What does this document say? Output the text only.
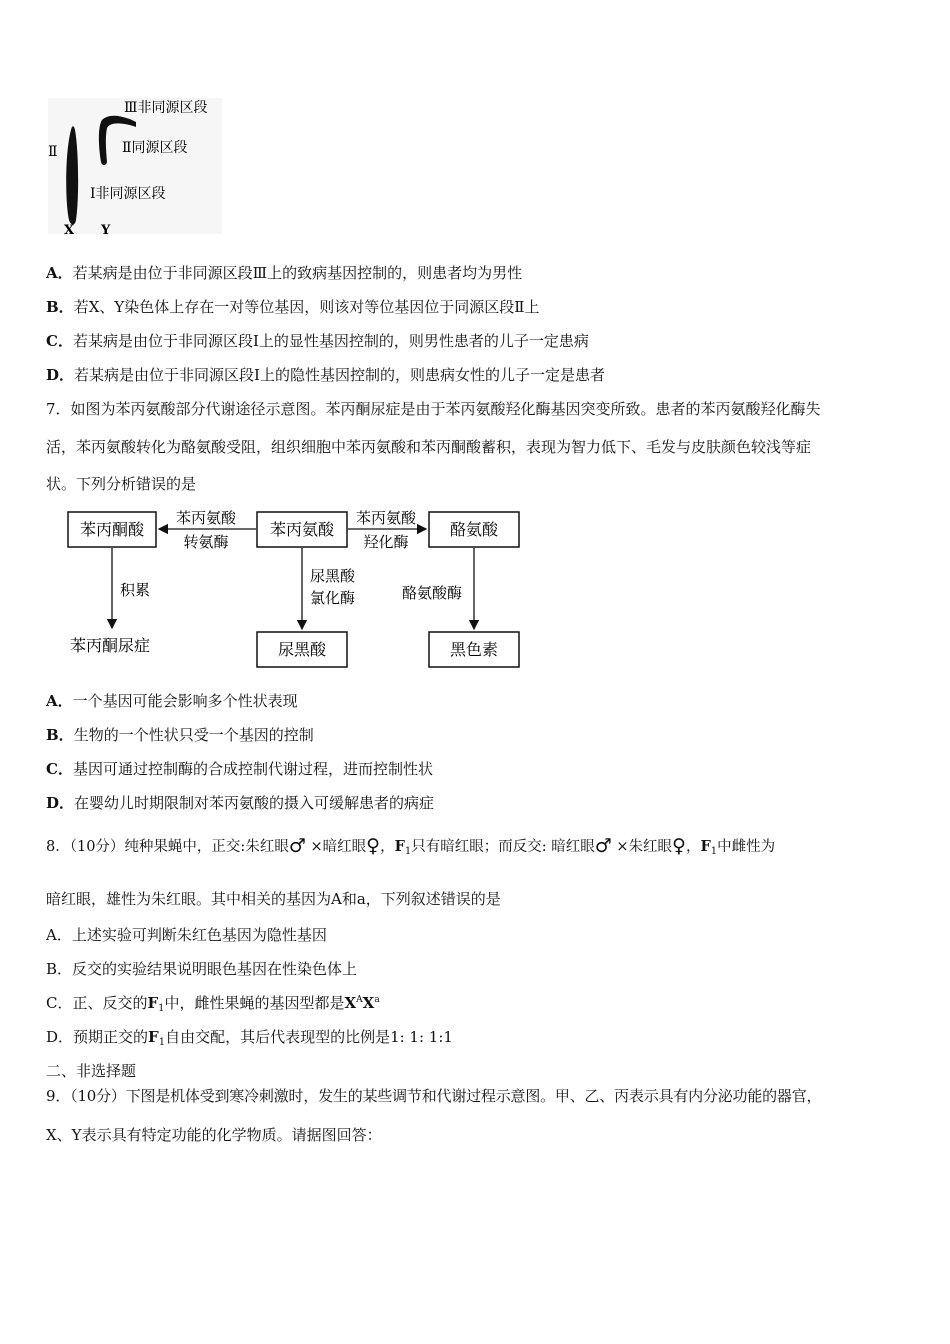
Ⅲ非同源区段
Ⅱ同源区段
Ⅰ非同源区段
Ⅱ
X Y
A．若某病是由位于非同源区段Ⅲ上的致病基因控制的，则患者均为男性
B．若X、Y染色体上存在一对等位基因，则该对等位基因位于同源区段Ⅱ上
C．若某病是由位于非同源区段Ⅰ上的显性基因控制的，则男性患者的儿子一定患病
D．若某病是由位于非同源区段Ⅰ上的隐性基因控制的，则患病女性的儿子一定是患者
7．如图为苯丙氨酸部分代谢途径示意图。苯丙酮尿症是由于苯丙氨酸羟化酶基因突变所致。患者的苯丙氨酸羟化酶失
活，苯丙氨酸转化为酪氨酸受阻，组织细胞中苯丙氨酸和苯丙酮酸蓄积，表现为智力低下、毛发与皮肤颜色较浅等症
状。下列分析错误的是
苯丙酮酸	苯丙氨酸	酪氨酸
尿黑酸	黑色素
苯丙氨酸
转氨酶
苯丙氨酸
羟化酶
积累
苯丙酮尿症
尿黑酸
氯化酶	酪氨酸酶
A．一个基因可能会影响多个性状表现
B．生物的一个性状只受一个基因的控制
C．基因可通过控制酶的合成控制代谢过程，进而控制性状
D．在婴幼儿时期限制对苯丙氨酸的摄入可缓解患者的病症
8．（10分）纯种果蝇中，正交:朱红眼♂ ×暗红眼♀，$F_1$只有暗红眼；而反交: 暗红眼♂ ×朱红眼♀，$F_1$中雌性为
暗红眼，雄性为朱红眼。其中相关的基因为A和a，下列叙述错误的是
A．上述实验可判断朱红色基因为隐性基因
B．反交的实验结果说明眼色基因在性染色体上
C．正、反交的$F_1$中，雌性果蝇的基因型都是$X^AX^a$
D．预期正交的$F_1$自由交配，其后代表现型的比例是1: 1: 1:1
二、非选择题
9．（10分）下图是机体受到寒冷刺激时，发生的某些调节和代谢过程示意图。甲、乙、丙表示具有内分泌功能的器官，
X、Y表示具有特定功能的化学物质。请据图回答：
